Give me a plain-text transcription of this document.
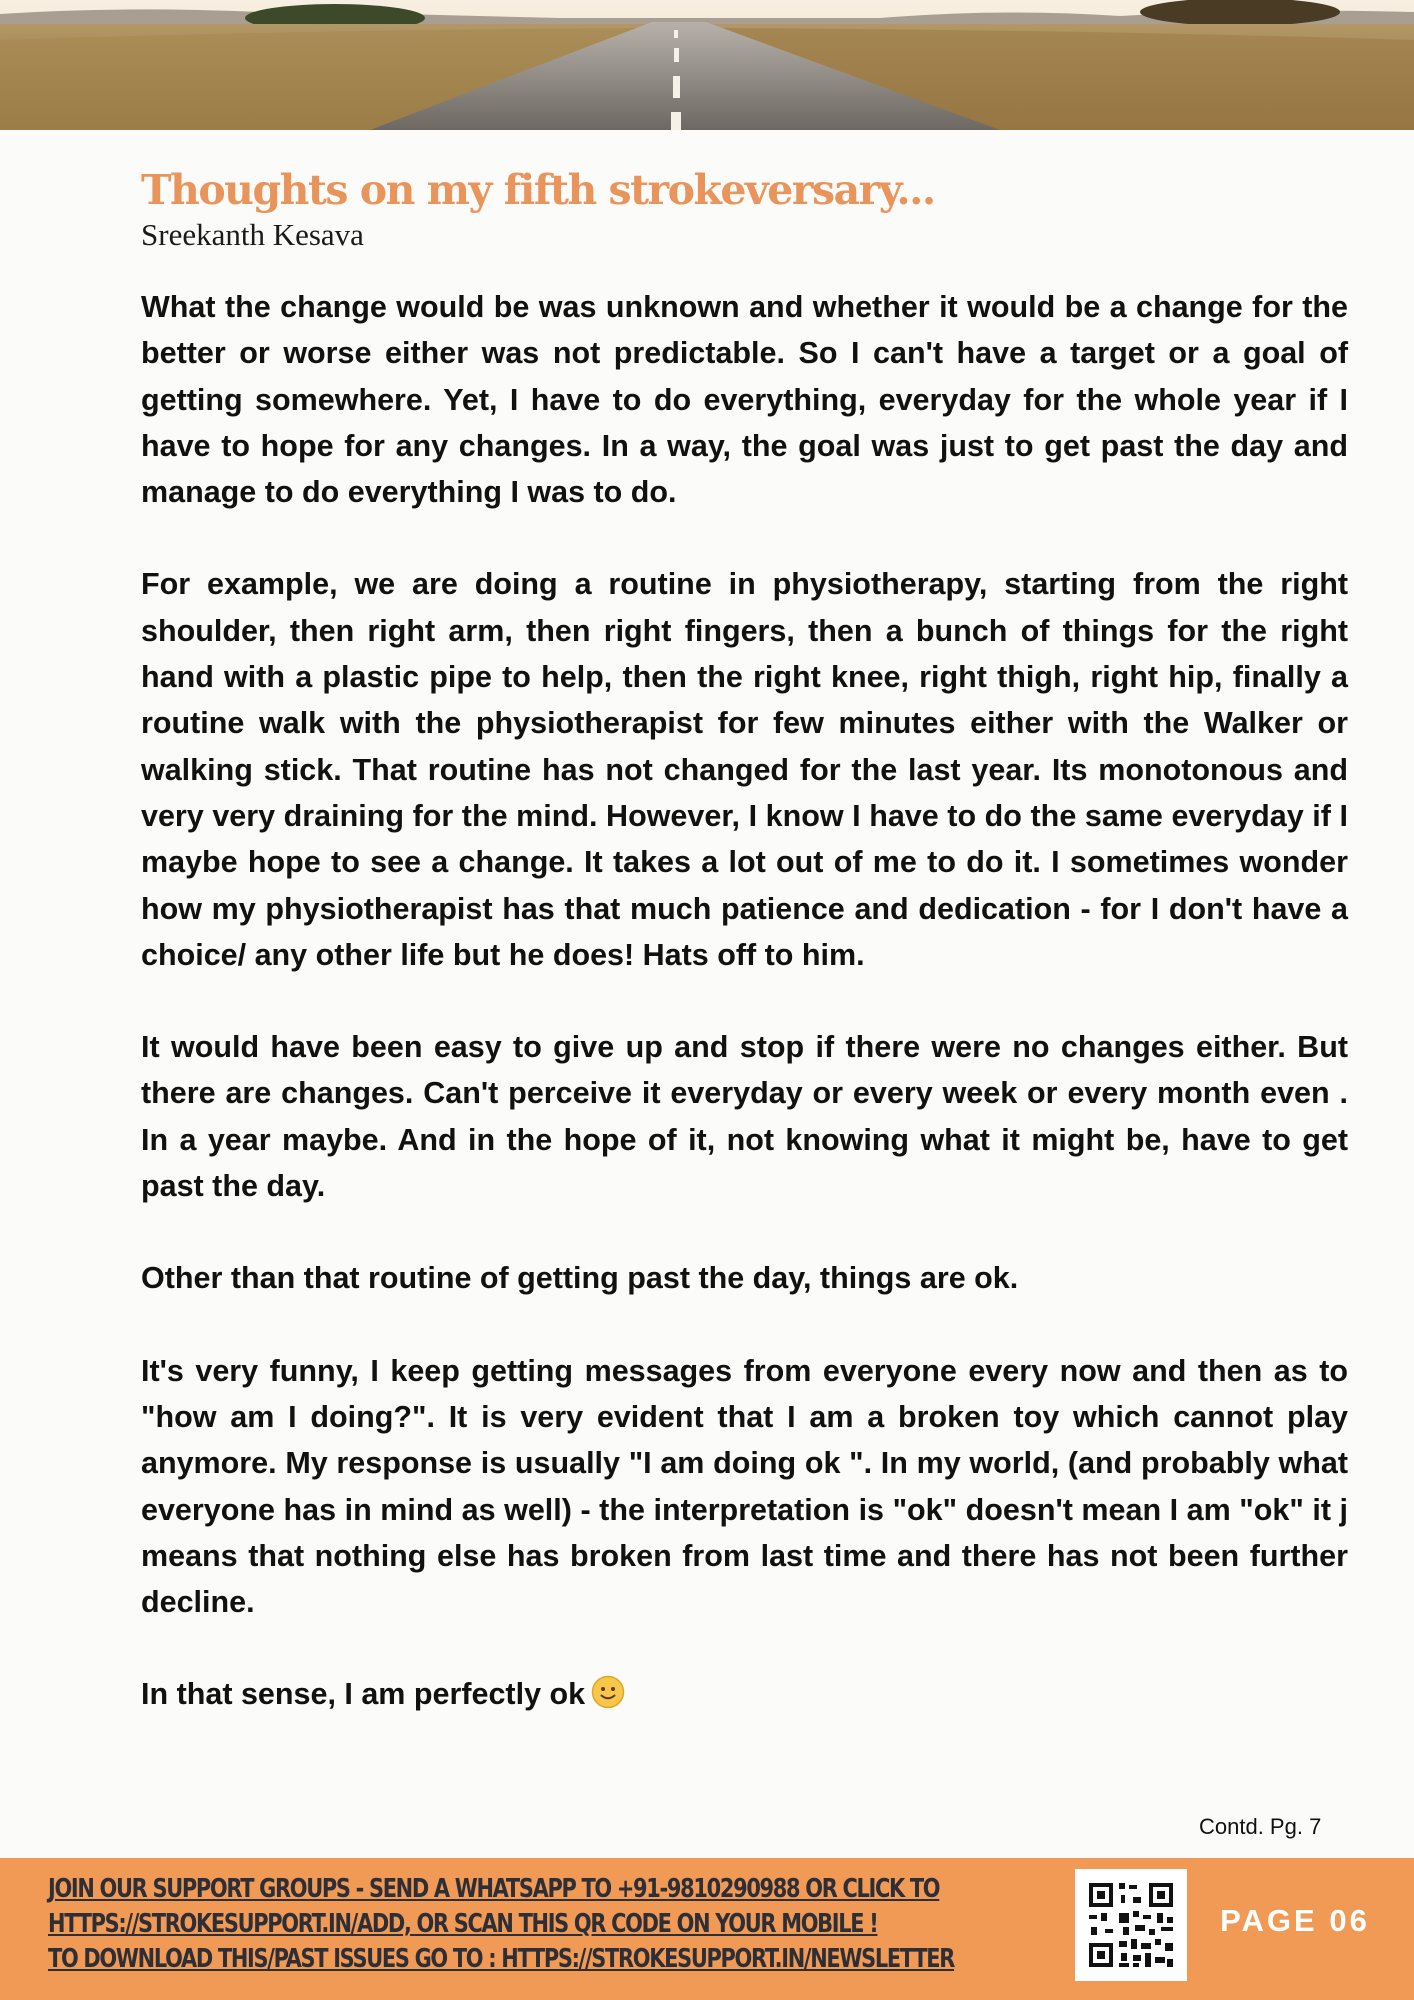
Thoughts on my fifth strokeversary...
Sreekanth Kesava

What the change would be was unknown and whether it would be a change for the better or worse either was not predictable. So I can't have a target or a goal of getting somewhere. Yet, I have to do everything, everyday for the whole year if I have to hope for any changes. In a way, the goal was just to get past the day and manage to do everything I was to do.

For example, we are doing a routine in physiotherapy, starting from the right shoulder, then right arm, then right fingers, then a bunch of things for the right hand with a plastic pipe to help, then the right knee, right thigh, right hip, finally a routine walk with the physiotherapist for few minutes either with the Walker or walking stick. That routine has not changed for the last year. Its monotonous and very very draining for the mind. However, I know I have to do the same everyday if I maybe hope to see a change. It takes a lot out of me to do it. I sometimes wonder how my physiotherapist has that much patience and dedication - for I don't have a choice/ any other life but he does! Hats off to him.

It would have been easy to give up and stop if there were no changes either. But there are changes. Can't perceive it everyday or every week or every month even . In a year maybe. And in the hope of it, not knowing what it might be, have to get past the day.

Other than that routine of getting past the day, things are ok.

It's very funny, I keep getting messages from everyone every now and then as to "how am I doing?". It is very evident that I am a broken toy which cannot play anymore. My response is usually "I am doing ok ". In my world, (and probably what everyone has in mind as well) - the interpretation is "ok" doesn't mean I am "ok" it j means that nothing else has broken from last time and there has not been further decline.

In that sense, I am perfectly ok

Contd. Pg. 7
JOIN OUR SUPPORT GROUPS - SEND A WHATSAPP TO +91-9810290988 OR CLICK TO
HTTPS://STROKESUPPORT.IN/ADD, OR SCAN THIS QR CODE ON YOUR MOBILE !
TO DOWNLOAD THIS/PAST ISSUES GO TO : HTTPS://STROKESUPPORT.IN/NEWSLETTER
PAGE 06
